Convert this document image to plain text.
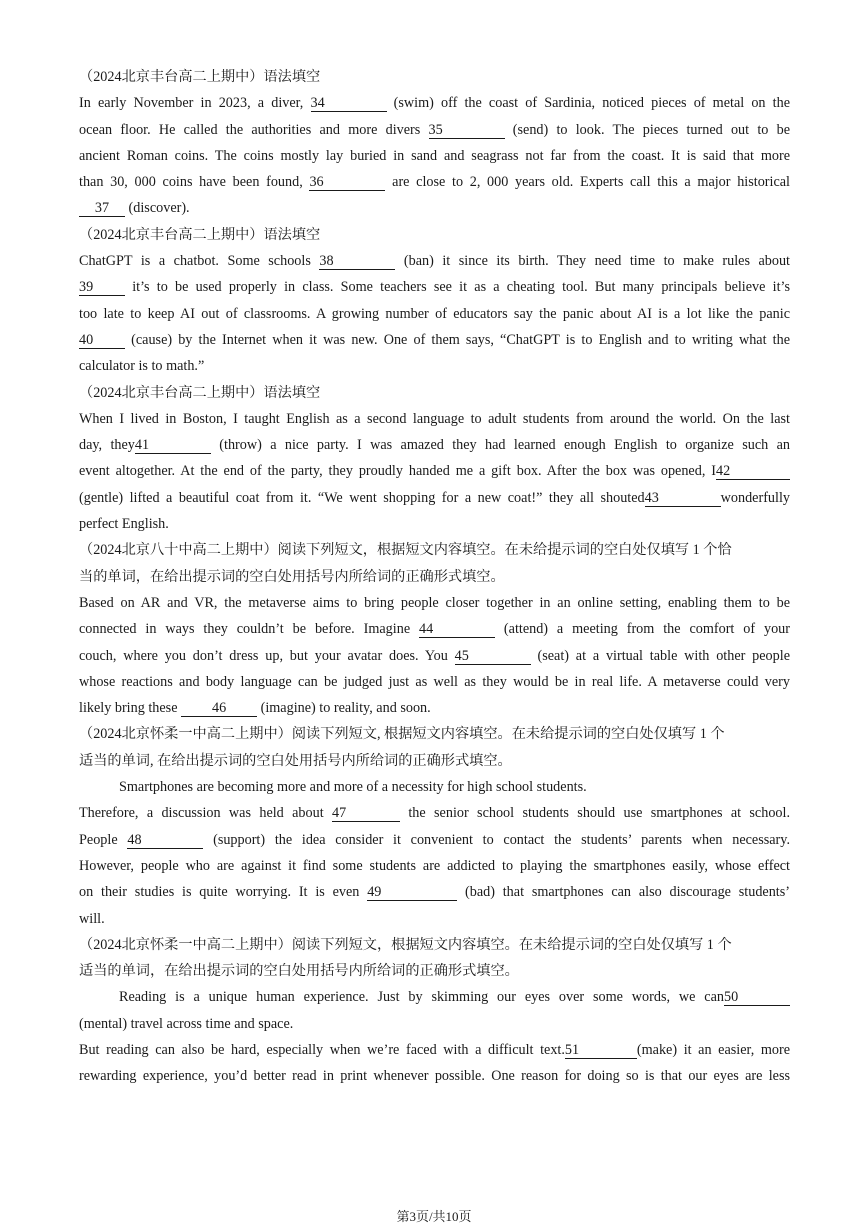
（2024北京丰台高二上期中）语法填空
In early November in 2023, a diver, 34	(swim) off the coast of Sardinia, noticed pieces of metal on the
ocean floor. He called the authorities and more divers 35	(send) to look. The pieces turned out to be
ancient Roman coins. The coins mostly lay buried in sand and seagrass not far from the coast. It is said that more
than 30, 000 coins have been found, 36	are close to 2, 000 years old. Experts call this a major historical
37 (discover).
（2024北京丰台高二上期中）语法填空
ChatGPT is a chatbot. Some schools 38	(ban) it since its birth. They need time to make rules about
39 it’s to be used properly in class. Some teachers see it as a cheating tool. But many principals believe it’s
too late to keep AI out of classrooms. A growing number of educators say the panic about AI is a lot like the panic
40 (cause) by the Internet when it was new. One of them says, “ChatGPT is to English and to writing what the
calculator is to math.”
（2024北京丰台高二上期中）语法填空
When I lived in Boston, I taught English as a second language to adult students from around the world. On the last
day, they41	(throw) a nice party. I was amazed they had learned enough English to organize such an
event altogether. At the end of the party, they proudly handed me a gift box. After the box was opened, I42
(gentle) lifted a beautiful coat from it. “We went shopping for a new coat!” they all shouted43	wonderfully
perfect English.
（2024北京八十中高二上期中）阅读下列短文，根据短文内容填空。在未给提示词的空白处仅填写 1 个恰
当的单词，在给出提示词的空白处用括号内所给词的正确形式填空。
Based on AR and VR, the metaverse aims to bring people closer together in an online setting, enabling them to be
connected in ways they couldn’t be before. Imagine 44	(attend) a meeting from the comfort of your
couch, where you don’t dress up, but your avatar does. You 45	(seat) at a virtual table with other people
whose reactions and body language can be judged just as well as they would be in real life. A metaverse could very
likely bring these 46 (imagine) to reality, and soon.
（2024北京怀柔一中高二上期中）阅读下列短文, 根据短文内容填空。在未给提示词的空白处仅填写 1 个
适当的单词, 在给出提示词的空白处用括号内所给词的正确形式填空。
Smartphones are becoming more and more of a necessity for high school students.
Therefore, a discussion was held about 47	the senior school students should use smartphones at school.
People 48	(support) the idea consider it convenient to contact the students’ parents when necessary.
However, people who are against it find some students are addicted to playing the smartphones easily, whose effect
on their studies is quite worrying. It is even 49	(bad) that smartphones can also discourage students’
will.
（2024北京怀柔一中高二上期中）阅读下列短文，根据短文内容填空。在未给提示词的空白处仅填写 1 个
适当的单词，在给出提示词的空白处用括号内所给词的正确形式填空。
Reading is a unique human experience. Just by skimming our eyes over some words, we can50
(mental) travel across time and space.
But reading can also be hard, especially when we’re faced with a difficult text.51	(make) it an easier, more
rewarding experience, you’d better read in print whenever possible. One reason for doing so is that our eyes are less
第3页/共10页
